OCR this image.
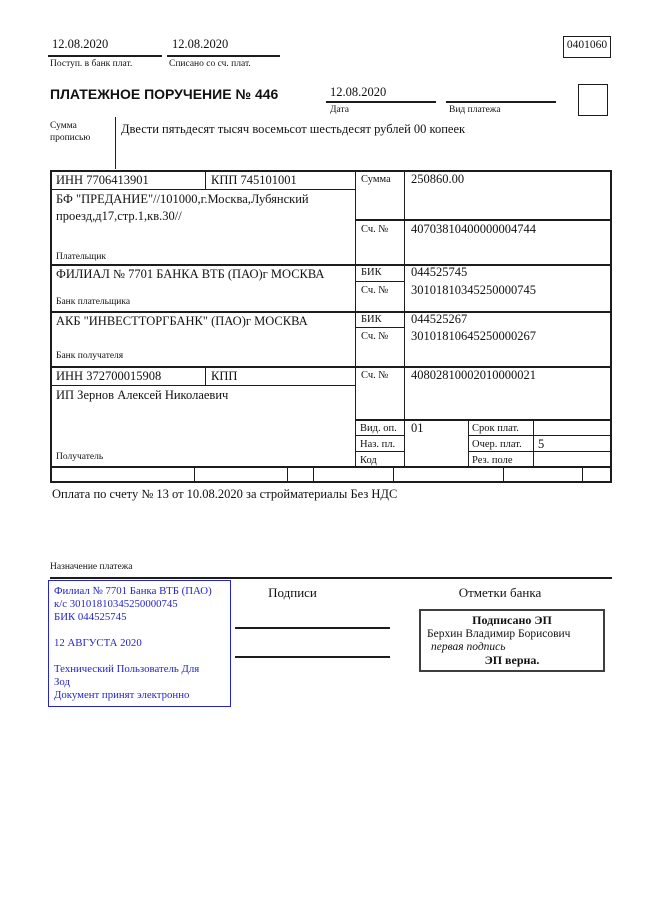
12.08.2020
Поступ. в банк плат.
12.08.2020
Списано со сч. плат.
0401060
ПЛАТЕЖНОЕ ПОРУЧЕНИЕ № 446	12.08.2020
Дата	Вид платежа
Сумма
прописью
Двести пятьдесят тысяч восемьсот шестьдесят рублей 00 копеек
ИНН 7706413901	КПП 745101001
БФ "ПРЕДАНИЕ"//101000,г.Москва,Лубянский
проезд,д17,стр.1,кв.30//
Плательщик
ФИЛИАЛ № 7701 БАНКА ВТБ (ПАО)г МОСКВА
Банк плательщика
АКБ "ИНВЕСТТОРГБАНК" (ПАО)г МОСКВА
Банк получателя
ИНН 372700015908	КПП
ИП Зернов Алексей Николаевич
Получатель
Сумма 250860.00
Сч. № 40703810400000004744
БИК 044525745
Сч. № 30101810345250000745
БИК 044525267
Сч. № 30101810645250000267
Сч. № 40802810002010000021
Вид. оп. 01	Срок плат.
Наз. пл.	Очер. плат. 5
Код	Рез. поле
Оплата по счету № 13 от 10.08.2020 за стройматериалы Без НДС
Назначение платежа
Подписи	Отметки банка
Филиал № 7701 Банка ВТБ (ПАО)
к/с 30101810345250000745
БИК 044525745
12 АВГУСТА 2020
Технический Пользователь Для
Зод
Документ принят электронно
Подписано ЭП
Берхин Владимир Борисович
первая подпись
ЭП верна.
